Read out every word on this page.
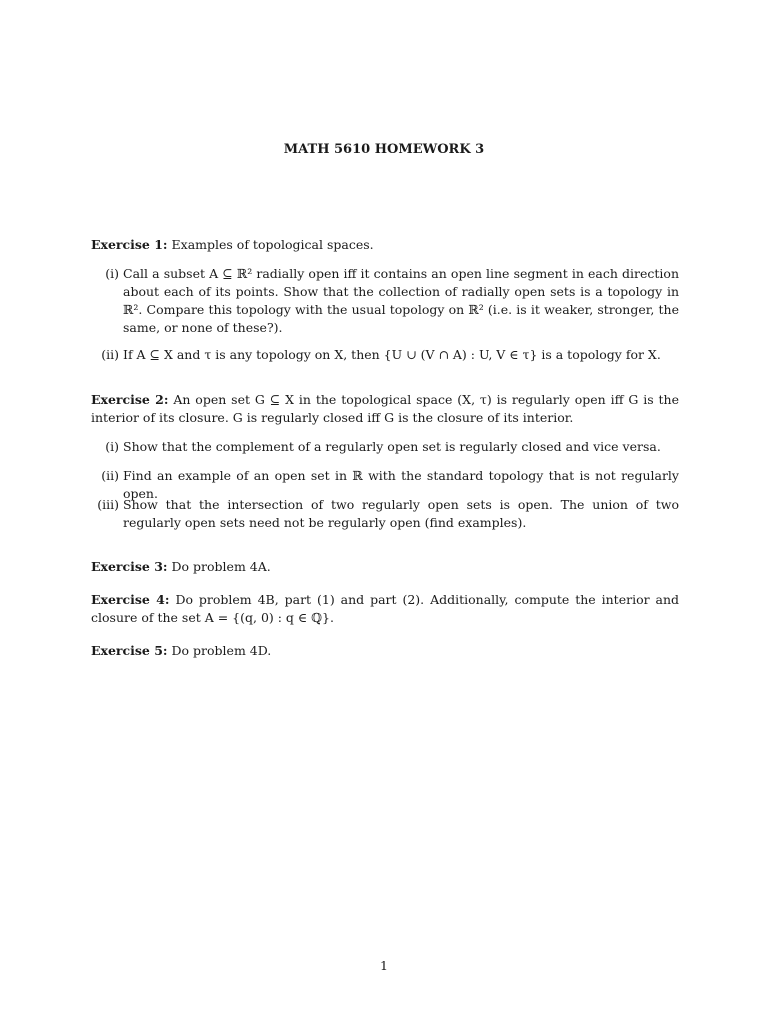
MATH 5610 HOMEWORK 3
Exercise 1: Examples of topological spaces.
(i) Call a subset A ⊆ ℝ² radially open iff it contains an open line segment in each direction about each of its points. Show that the collection of radially open sets is a topology in ℝ². Compare this topology with the usual topology on ℝ² (i.e. is it weaker, stronger, the same, or none of these?).
(ii) If A ⊆ X and τ is any topology on X, then {U ∪ (V ∩ A) : U, V ∈ τ} is a topology for X.
Exercise 2: An open set G ⊆ X in the topological space (X, τ) is regularly open iff G is the interior of its closure. G is regularly closed iff G is the closure of its interior.
(i) Show that the complement of a regularly open set is regularly closed and vice versa.
(ii) Find an example of an open set in ℝ with the standard topology that is not regularly open.
(iii) Show that the intersection of two regularly open sets is open. The union of two regularly open sets need not be regularly open (find examples).
Exercise 3: Do problem 4A.
Exercise 4: Do problem 4B, part (1) and part (2). Additionally, compute the interior and closure of the set A = {(q, 0) : q ∈ ℚ}.
Exercise 5: Do problem 4D.
1
